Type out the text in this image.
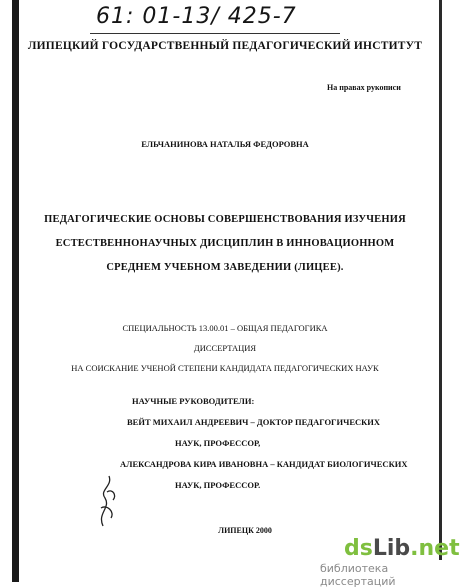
61: 01-13/ 425-7
ЛИПЕЦКИЙ ГОСУДАРСТВЕННЫЙ ПЕДАГОГИЧЕСКИЙ ИНСТИТУТ
На правах рукописи
ЕЛЬЧАНИНОВА НАТАЛЬЯ ФЕДОРОВНА
ПЕДАГОГИЧЕСКИЕ ОСНОВЫ СОВЕРШЕНСТВОВАНИЯ ИЗУЧЕНИЯ
ЕСТЕСТВЕННОНАУЧНЫХ ДИСЦИПЛИН В ИННОВАЦИОННОМ
СРЕДНЕМ УЧЕБНОМ ЗАВЕДЕНИИ (ЛИЦЕЕ).
СПЕЦИАЛЬНОСТЬ 13.00.01 – ОБЩАЯ ПЕДАГОГИКА
ДИССЕРТАЦИЯ
НА СОИСКАНИЕ УЧЕНОЙ СТЕПЕНИ КАНДИДАТА ПЕДАГОГИЧЕСКИХ НАУК
НАУЧНЫЕ РУКОВОДИТЕЛИ:
ВЕЙТ МИХАИЛ АНДРЕЕВИЧ – ДОКТОР ПЕДАГОГИЧЕСКИХ
НАУК, ПРОФЕССОР,
АЛЕКСАНДРОВА КИРА ИВАНОВНА – КАНДИДАТ БИОЛОГИЧЕСКИХ
НАУК, ПРОФЕССОР.
ЛИПЕЦК 2000
dsLib.net
библиотека диссертаций
